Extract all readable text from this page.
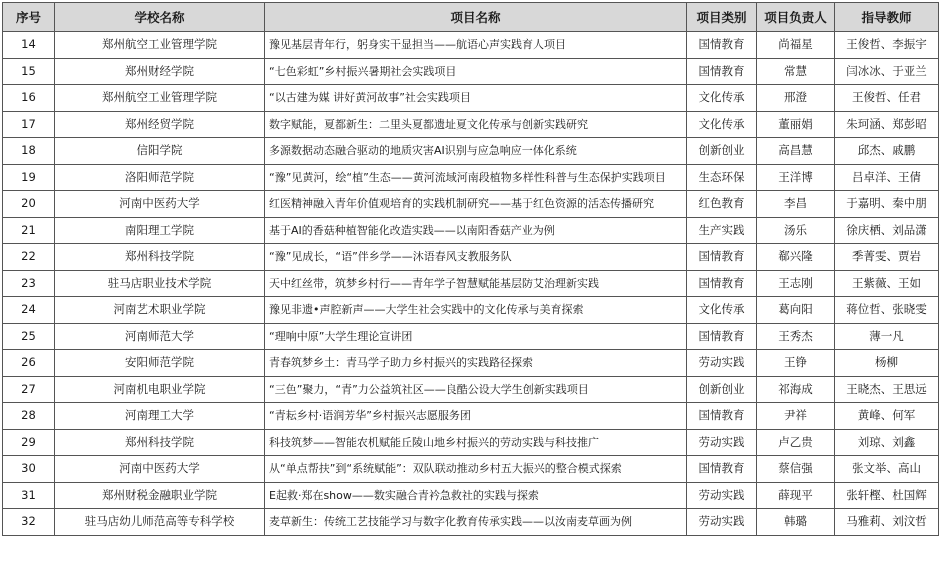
序号	学校名称	项目名称	项目类别	项目负责人	指导教师
14	郑州航空工业管理学院	豫见基层青年行，躬身实干显担当——航语心声实践育人项目	国情教育	尚福星	王俊哲、李振宇
15	郑州财经学院	“七色彩虹”乡村振兴暑期社会实践项目	国情教育	常慧	闫冰冰、于亚兰
16	郑州航空工业管理学院	“以古建为媒 讲好黄河故事”社会实践项目	文化传承	邢澄	王俊哲、任君
17	郑州经贸学院	数字赋能，夏都新生：二里头夏都遗址夏文化传承与创新实践研究	文化传承	董丽娟	朱珂涵、郑彭昭
18	信阳学院	多源数据动态融合驱动的地质灾害AI识别与应急响应一体化系统	创新创业	高昌慧	邱杰、戚鹏
19	洛阳师范学院	“豫”见黄河，绘“植”生态——黄河流域河南段植物多样性科普与生态保护实践项目	生态环保	王洋博	吕卓洋、王倩
20	河南中医药大学	红医精神融入青年价值观培育的实践机制研究——基于红色资源的活态传播研究	红色教育	李昌	于嘉明、秦中朋
21	南阳理工学院	基于AI的香菇种植智能化改造实践——以南阳香菇产业为例	生产实践	汤乐	徐庆栖、刘品潇
22	郑州科技学院	“豫”见成长，“语”伴乡学——沐语春风支教服务队	国情教育	郗兴隆	季菁雯、贾岩
23	驻马店职业技术学院	天中红丝带，筑梦乡村行——青年学子智慧赋能基层防艾治理新实践	国情教育	王志刚	王紫薇、王如
24	河南艺术职业学院	豫见非遗•声腔新声——大学生社会实践中的文化传承与美育探索	文化传承	葛向阳	蒋位哲、张晓雯
25	河南师范大学	“理响中原”大学生理论宣讲团	国情教育	王秀杰	薄一凡
26	安阳师范学院	青春筑梦乡土：青马学子助力乡村振兴的实践路径探索	劳动实践	王铮	杨柳
27	河南机电职业学院	“三色”聚力，“青”力公益筑社区——良酷公设大学生创新实践项目	创新创业	祁海成	王晓杰、王思远
28	河南理工大学	“青耘乡村·语润芳华”乡村振兴志愿服务团	国情教育	尹祥	黄峰、何军
29	郑州科技学院	科技筑梦——智能农机赋能丘陵山地乡村振兴的劳动实践与科技推广	劳动实践	卢乙贵	刘琼、刘鑫
30	河南中医药大学	从“单点帮扶”到“系统赋能”：双队联动推动乡村五大振兴的整合模式探索	国情教育	蔡信强	张文举、高山
31	郑州财税金融职业学院	E起救·郑在show——数实融合青衿急救社的实践与探索	劳动实践	薛现平	张轩樫、杜国辉
32	驻马店幼儿师范高等专科学校	麦草新生：传统工艺技能学习与数字化教育传承实践——以汝南麦草画为例	劳动实践	韩璐	马雅莉、刘汶哲
